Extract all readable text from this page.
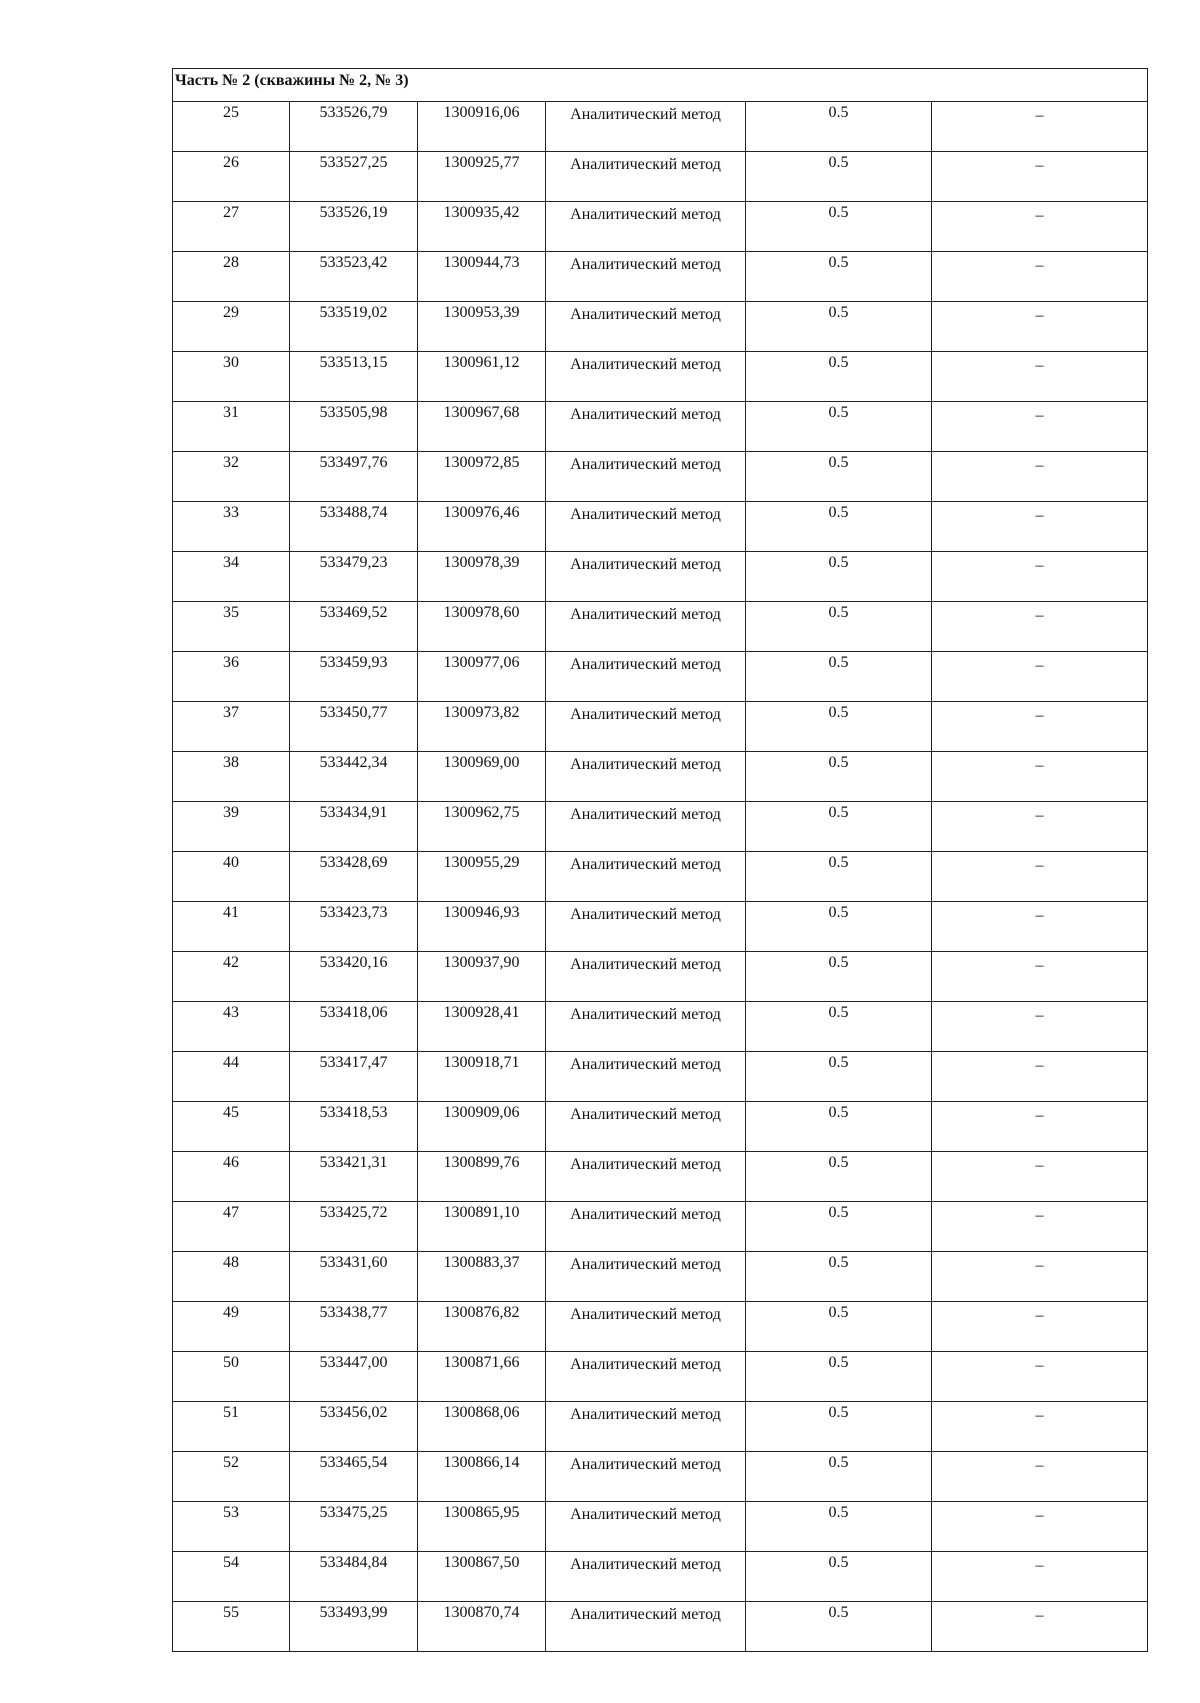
Часть № 2 (скважины № 2, № 3)					
25	533526,79	1300916,06	Аналитический метод	0.5	–
26	533527,25	1300925,77	Аналитический метод	0.5	–
27	533526,19	1300935,42	Аналитический метод	0.5	–
28	533523,42	1300944,73	Аналитический метод	0.5	–
29	533519,02	1300953,39	Аналитический метод	0.5	–
30	533513,15	1300961,12	Аналитический метод	0.5	–
31	533505,98	1300967,68	Аналитический метод	0.5	–
32	533497,76	1300972,85	Аналитический метод	0.5	–
33	533488,74	1300976,46	Аналитический метод	0.5	–
34	533479,23	1300978,39	Аналитический метод	0.5	–
35	533469,52	1300978,60	Аналитический метод	0.5	–
36	533459,93	1300977,06	Аналитический метод	0.5	–
37	533450,77	1300973,82	Аналитический метод	0.5	–
38	533442,34	1300969,00	Аналитический метод	0.5	–
39	533434,91	1300962,75	Аналитический метод	0.5	–
40	533428,69	1300955,29	Аналитический метод	0.5	–
41	533423,73	1300946,93	Аналитический метод	0.5	–
42	533420,16	1300937,90	Аналитический метод	0.5	–
43	533418,06	1300928,41	Аналитический метод	0.5	–
44	533417,47	1300918,71	Аналитический метод	0.5	–
45	533418,53	1300909,06	Аналитический метод	0.5	–
46	533421,31	1300899,76	Аналитический метод	0.5	–
47	533425,72	1300891,10	Аналитический метод	0.5	–
48	533431,60	1300883,37	Аналитический метод	0.5	–
49	533438,77	1300876,82	Аналитический метод	0.5	–
50	533447,00	1300871,66	Аналитический метод	0.5	–
51	533456,02	1300868,06	Аналитический метод	0.5	–
52	533465,54	1300866,14	Аналитический метод	0.5	–
53	533475,25	1300865,95	Аналитический метод	0.5	–
54	533484,84	1300867,50	Аналитический метод	0.5	–
55	533493,99	1300870,74	Аналитический метод	0.5	–
